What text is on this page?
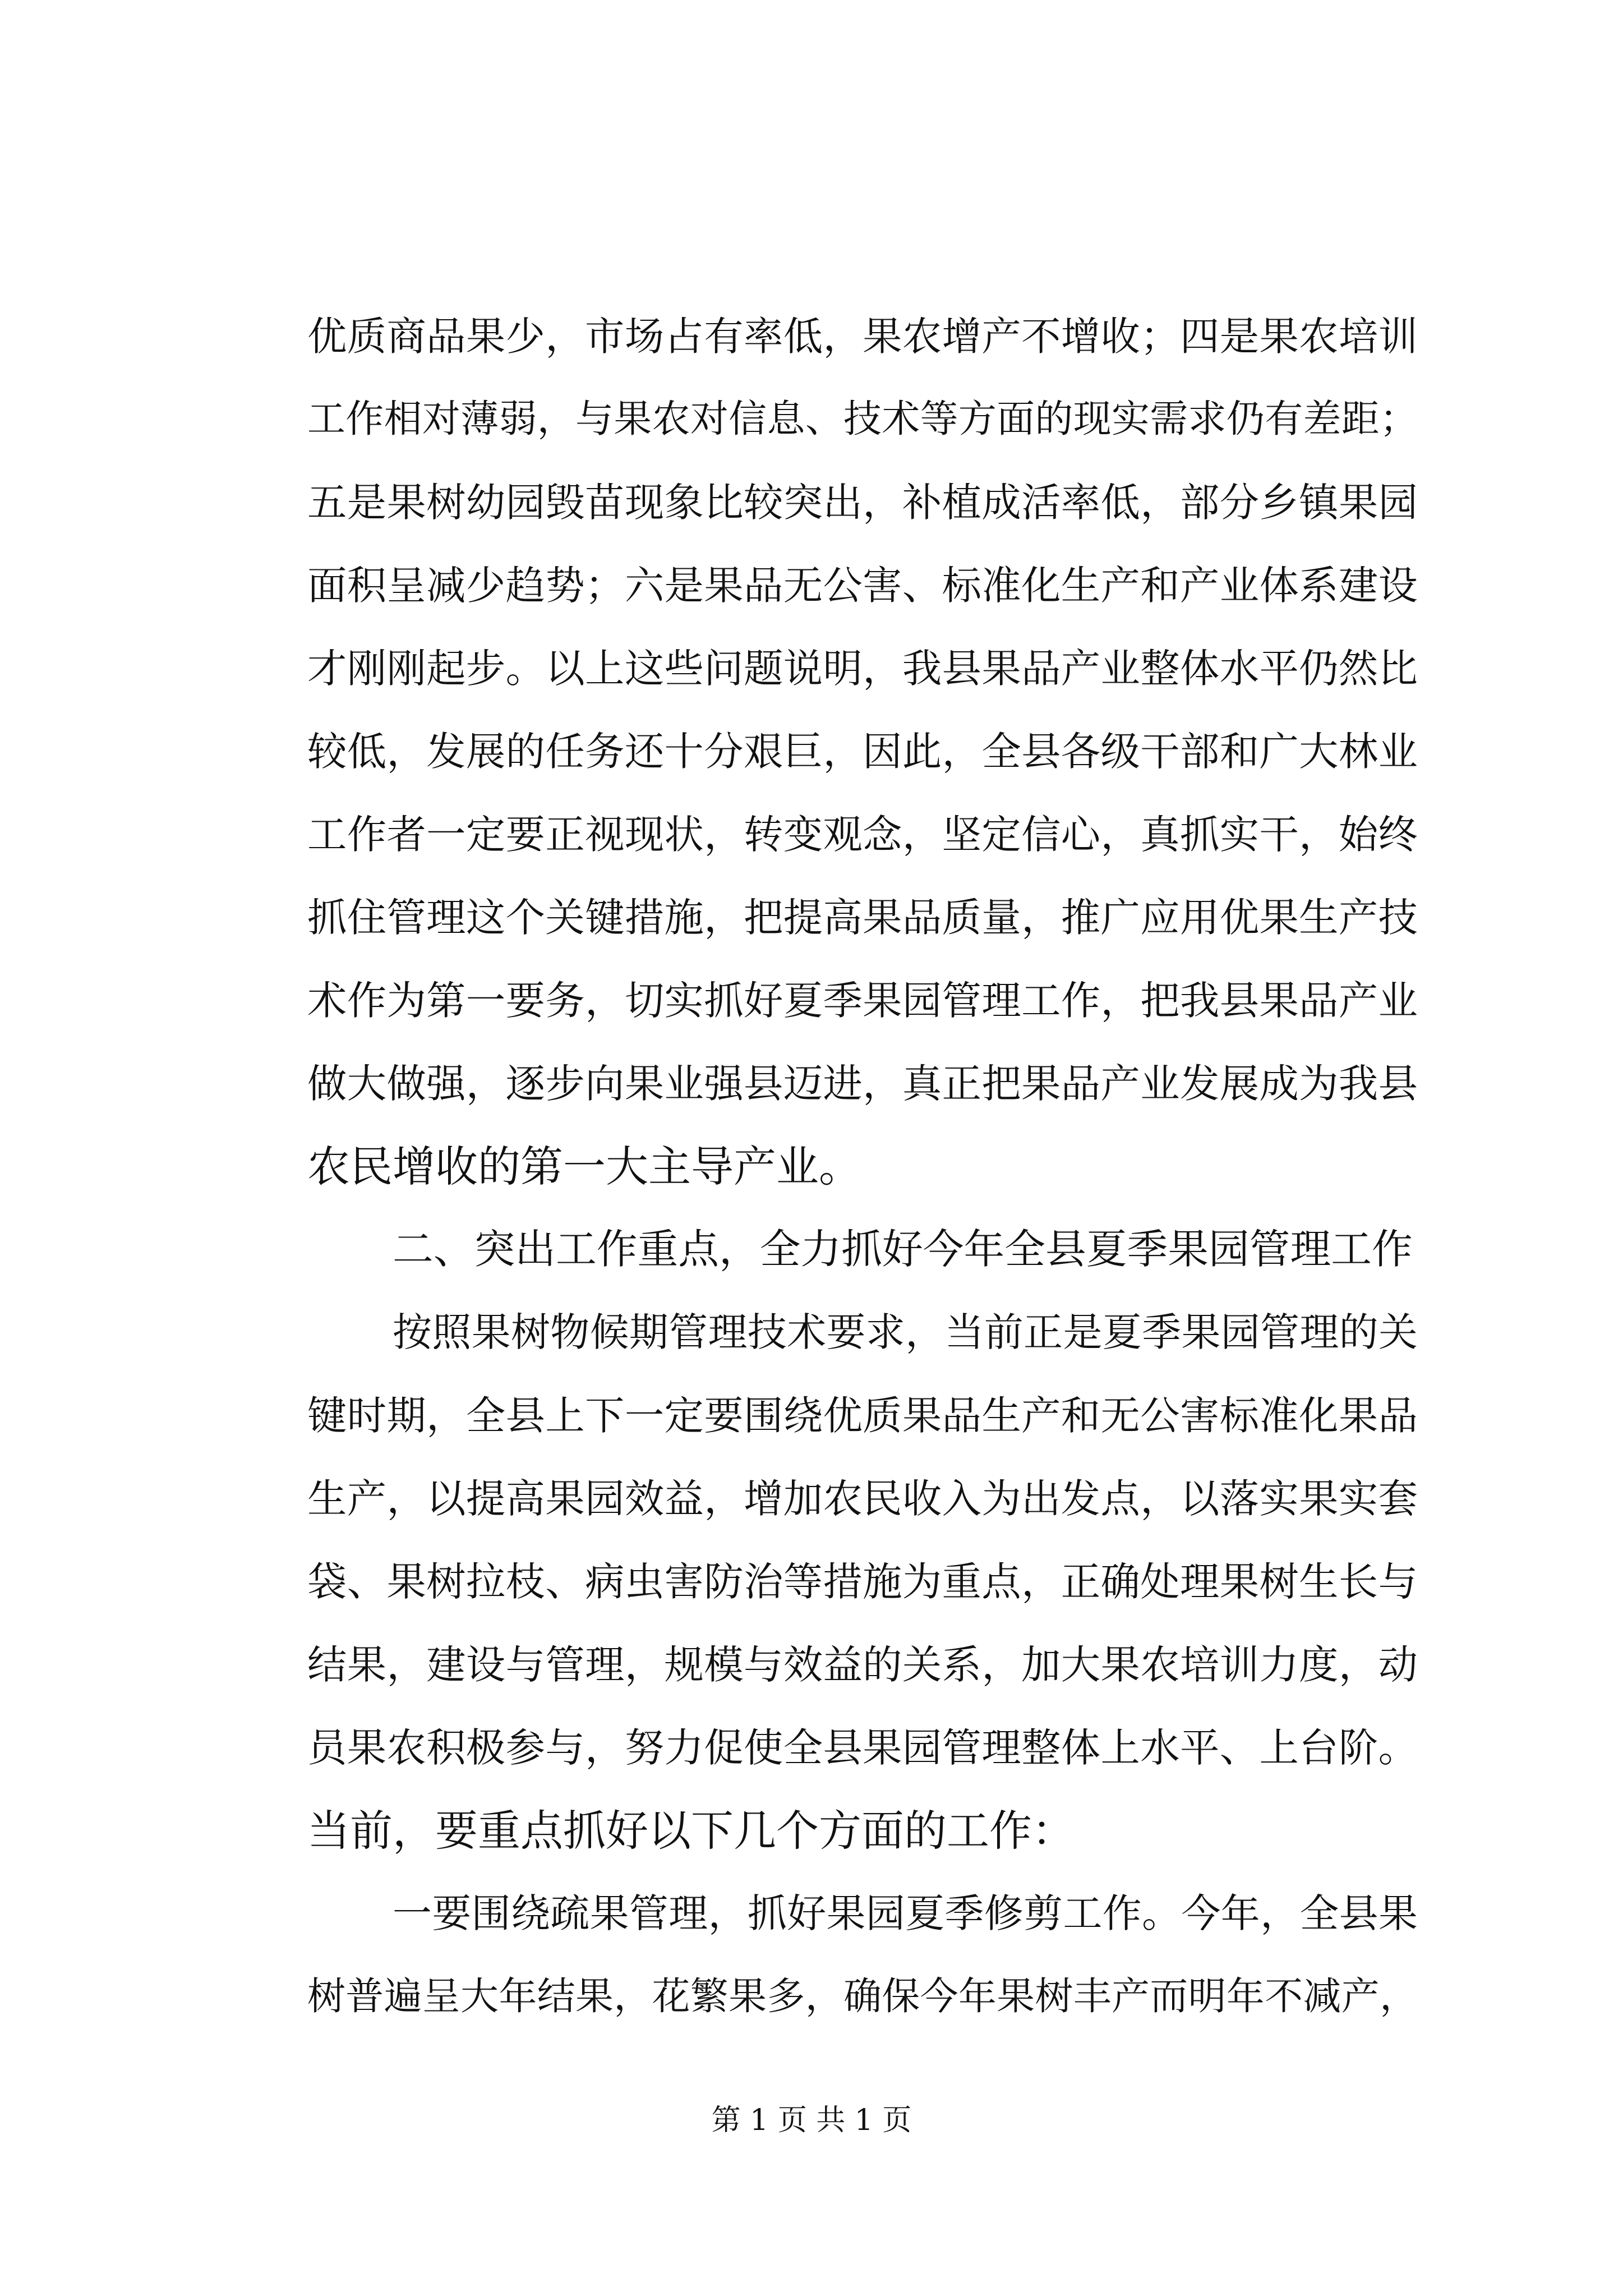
优质商品果少，市场占有率低，果农增产不增收；四是果农培训
工作相对薄弱，与果农对信息、技术等方面的现实需求仍有差距；
五是果树幼园毁苗现象比较突出，补植成活率低，部分乡镇果园
面积呈减少趋势；六是果品无公害、标准化生产和产业体系建设
才刚刚起步。以上这些问题说明，我县果品产业整体水平仍然比
较低，发展的任务还十分艰巨，因此，全县各级干部和广大林业
工作者一定要正视现状，转变观念，坚定信心，真抓实干，始终
抓住管理这个关键措施，把提高果品质量，推广应用优果生产技
术作为第一要务，切实抓好夏季果园管理工作，把我县果品产业
做大做强，逐步向果业强县迈进，真正把果品产业发展成为我县
农民增收的第一大主导产业。
二、突出工作重点，全力抓好今年全县夏季果园管理工作
按照果树物候期管理技术要求，当前正是夏季果园管理的关
键时期，全县上下一定要围绕优质果品生产和无公害标准化果品
生产，以提高果园效益，增加农民收入为出发点，以落实果实套
袋、果树拉枝、病虫害防治等措施为重点，正确处理果树生长与
结果，建设与管理，规模与效益的关系，加大果农培训力度，动
员果农积极参与，努力促使全县果园管理整体上水平、上台阶。
当前，要重点抓好以下几个方面的工作：
一要围绕疏果管理，抓好果园夏季修剪工作。今年，全县果
树普遍呈大年结果，花繁果多，确保今年果树丰产而明年不减产，
第 1 页 共 1 页
